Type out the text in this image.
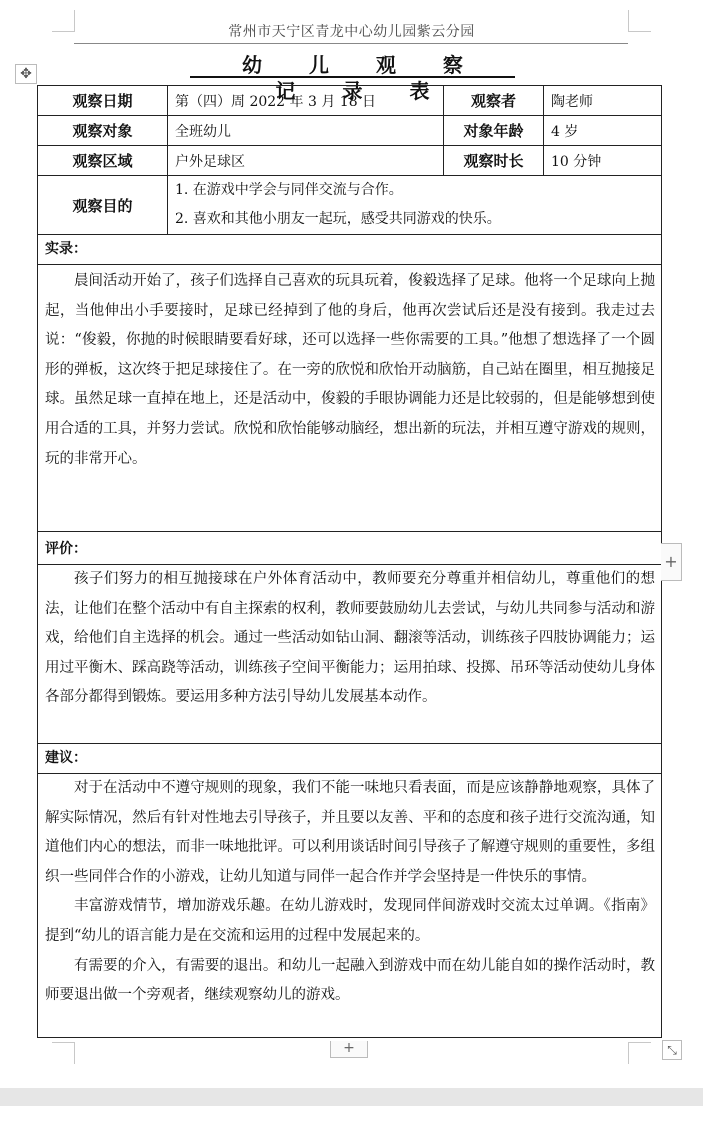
常州市天宁区青龙中心幼儿园紫云分园
✥	幼 儿 观 察 记 录 表
观察日期	第（四）周 2022 年 3 月 18 日	观察者	陶老师
观察对象	全班幼儿	对象年龄	4 岁
观察区域	户外足球区	观察时长	10 分钟
观察目的	1. 在游戏中学会与同伴交流与合作。
2. 喜欢和其他小朋友一起玩，感受共同游戏的快乐。		

实录：			

晨间活动开始了，孩子们选择自己喜欢的玩具玩着，俊毅选择了足球。他将一个足球向上抛起，当他伸出小手要接时，足球已经掉到了他的身后，他再次尝试后还是没有接到。我走过去说：“俊毅，你抛的时候眼睛要看好球，还可以选择一些你需要的工具。”他想了想选择了一个圆形的弹板，这次终于把足球接住了。在一旁的欣悦和欣怡开动脑筋，自己站在圈里，相互抛接足球。虽然足球一直掉在地上，还是活动中，俊毅的手眼协调能力还是比较弱的，但是能够想到使用合适的工具，并努力尝试。欣悦和欣怡能够动脑经，想出新的玩法，并相互遵守游戏的规则，玩的非常开心。			

评价：			

孩子们努力的相互抛接球在户外体育活动中，教师要充分尊重并相信幼儿，尊重他们的想法，让他们在整个活动中有自主探索的权利，教师要鼓励幼儿去尝试，与幼儿共同参与活动和游戏，给他们自主选择的机会。通过一些活动如钻山洞、翻滚等活动，训练孩子四肢协调能力；运用过平衡木、踩高跷等活动，训练孩子空间平衡能力；运用拍球、投掷、吊环等活动使幼儿身体各部分都得到锻炼。要运用多种方法引导幼儿发展基本动作。			

建议：			

对于在活动中不遵守规则的现象，我们不能一味地只看表面，而是应该静静地观察，具体了解实际情况，然后有针对性地去引导孩子，并且要以友善、平和的态度和孩子进行交流沟通，知道他们内心的想法，而非一味地批评。可以利用谈话时间引导孩子了解遵守规则的重要性，多组织一些同伴合作的小游戏，让幼儿知道与同伴一起合作并学会坚持是一件快乐的事情。

丰富游戏情节，增加游戏乐趣。在幼儿游戏时，发现同伴间游戏时交流太过单调。《指南》提到“幼儿的语言能力是在交流和运用的过程中发展起来的。

有需要的介入，有需要的退出。和幼儿一起融入到游戏中而在幼儿能自如的操作活动时，教师要退出做一个旁观者，继续观察幼儿的游戏。			

+
+	⤡
